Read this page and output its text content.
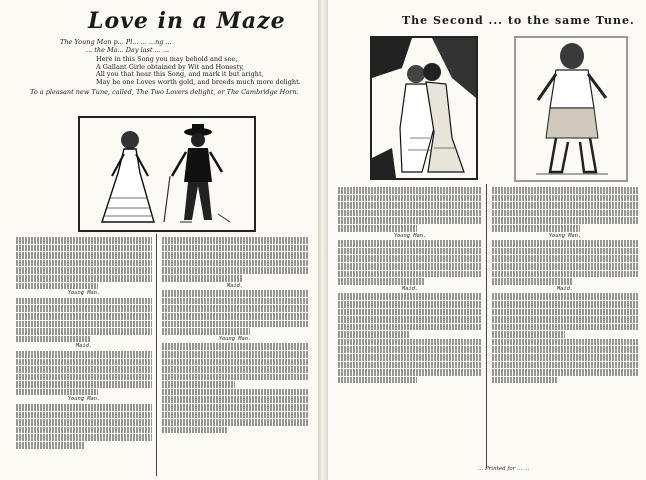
Love in a Maze
The Young Man p... Pl... ... ...ng ...
... the Ma... Day last ... ...
Here in this Song you may behold and see,
A Gallant Girle obtained by Wit and Honesty,
All you that hear this Song, and mark it but aright,
May be one Loves worth gold, and breeds much more delight.
To a pleasant new Tune, called, The Two Lovers delight, or The Cambridge Horn.
Young Man.
Maid.
Young Man.
Maid.
Young Man.
The Second ... to the same Tune.
Young Man.
Maid.
Young Man.
Maid.
... Printed for ... ...
